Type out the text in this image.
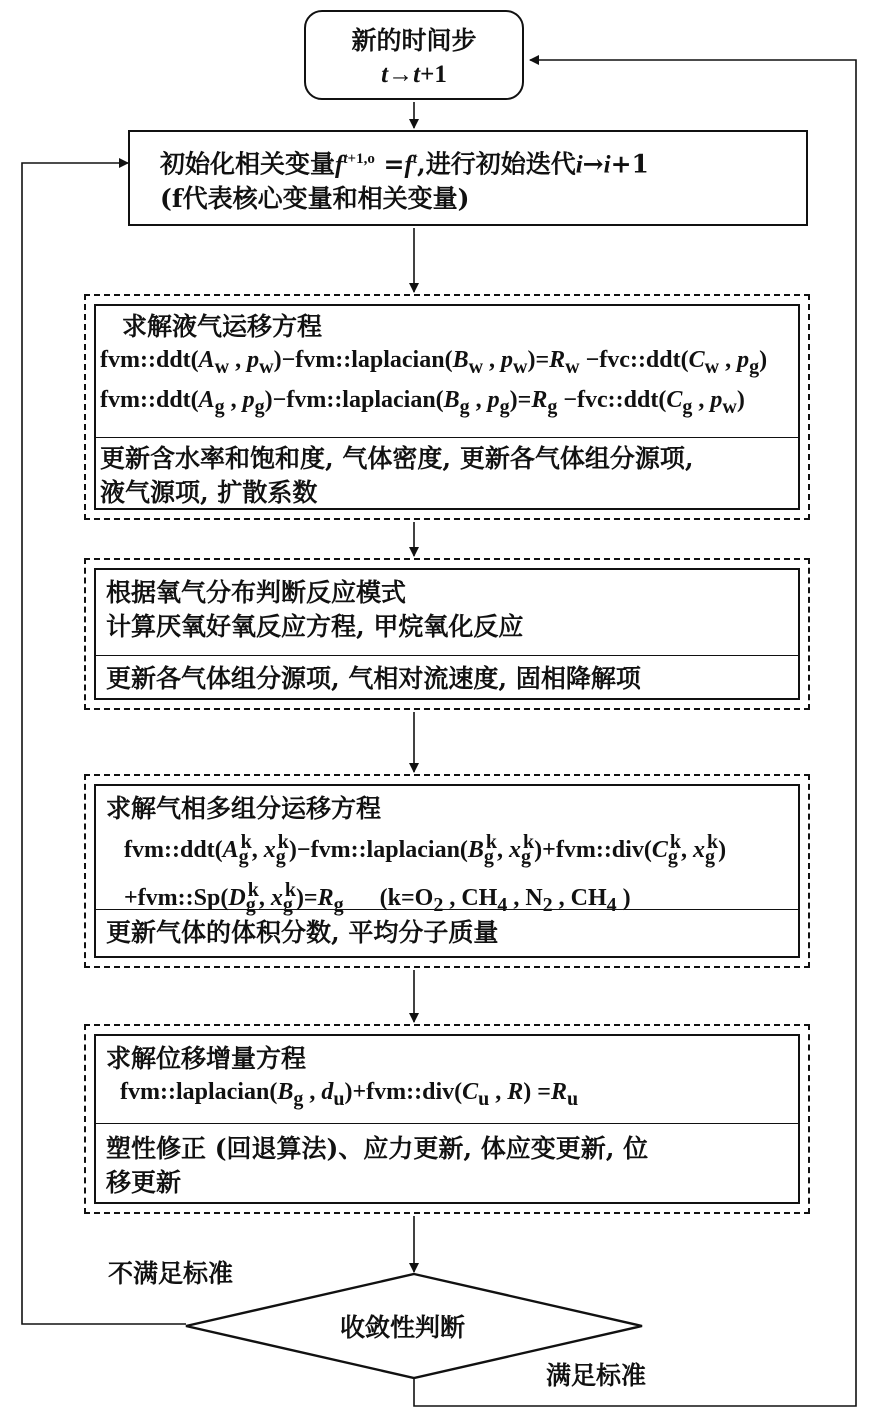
新的时间步
t→t+1
初始化相关变量$f^{t+1,o} =f^t$,进行初始迭代i→i+1
(f代表核心变量和相关变量)
求解液气运移方程
$fvm::ddt(A_w$ , $p_w)-fvm::laplacian(B_w$ , $p_w)=R_w$ $-fvc::ddt(C_w$ , $p_g$)
$fvm::ddt(A_g$ , $p_g)-fvm::laplacian(B_g$ , $p_g)=R_g$ $-fvc::ddt(C_g$ , $p_w$)
更新含水率和饱和度, 气体密度, 更新各气体组分源项,
液气源项, 扩散系数
根据氧气分布判断反应模式
计算厌氧好氧反应方程, 甲烷氧化反应
更新各气体组分源项, 气相对流速度, 固相降解项
求解气相多组分运移方程
$fvm::ddt(A_g^k$, $x_g^k)-fvm::laplacian(B_g^k$, $x_g^k)+fvm::div(C_g^k$, $x_g^k$)
$+fvm::Sp(D_g^k$, $x_g^k)=R_g$      ($k=O_2$ , $CH_4$ , $N_2$ , $CH_4$ )
更新气体的体积分数, 平均分子质量
求解位移增量方程
$fvm::laplacian(B_g$ , $d_u)+fvm::div(C_u$ , $R) =R_u$
塑性修正 (回退算法)、应力更新, 体应变更新, 位
移更新
收敛性判断
不满足标准
满足标准
